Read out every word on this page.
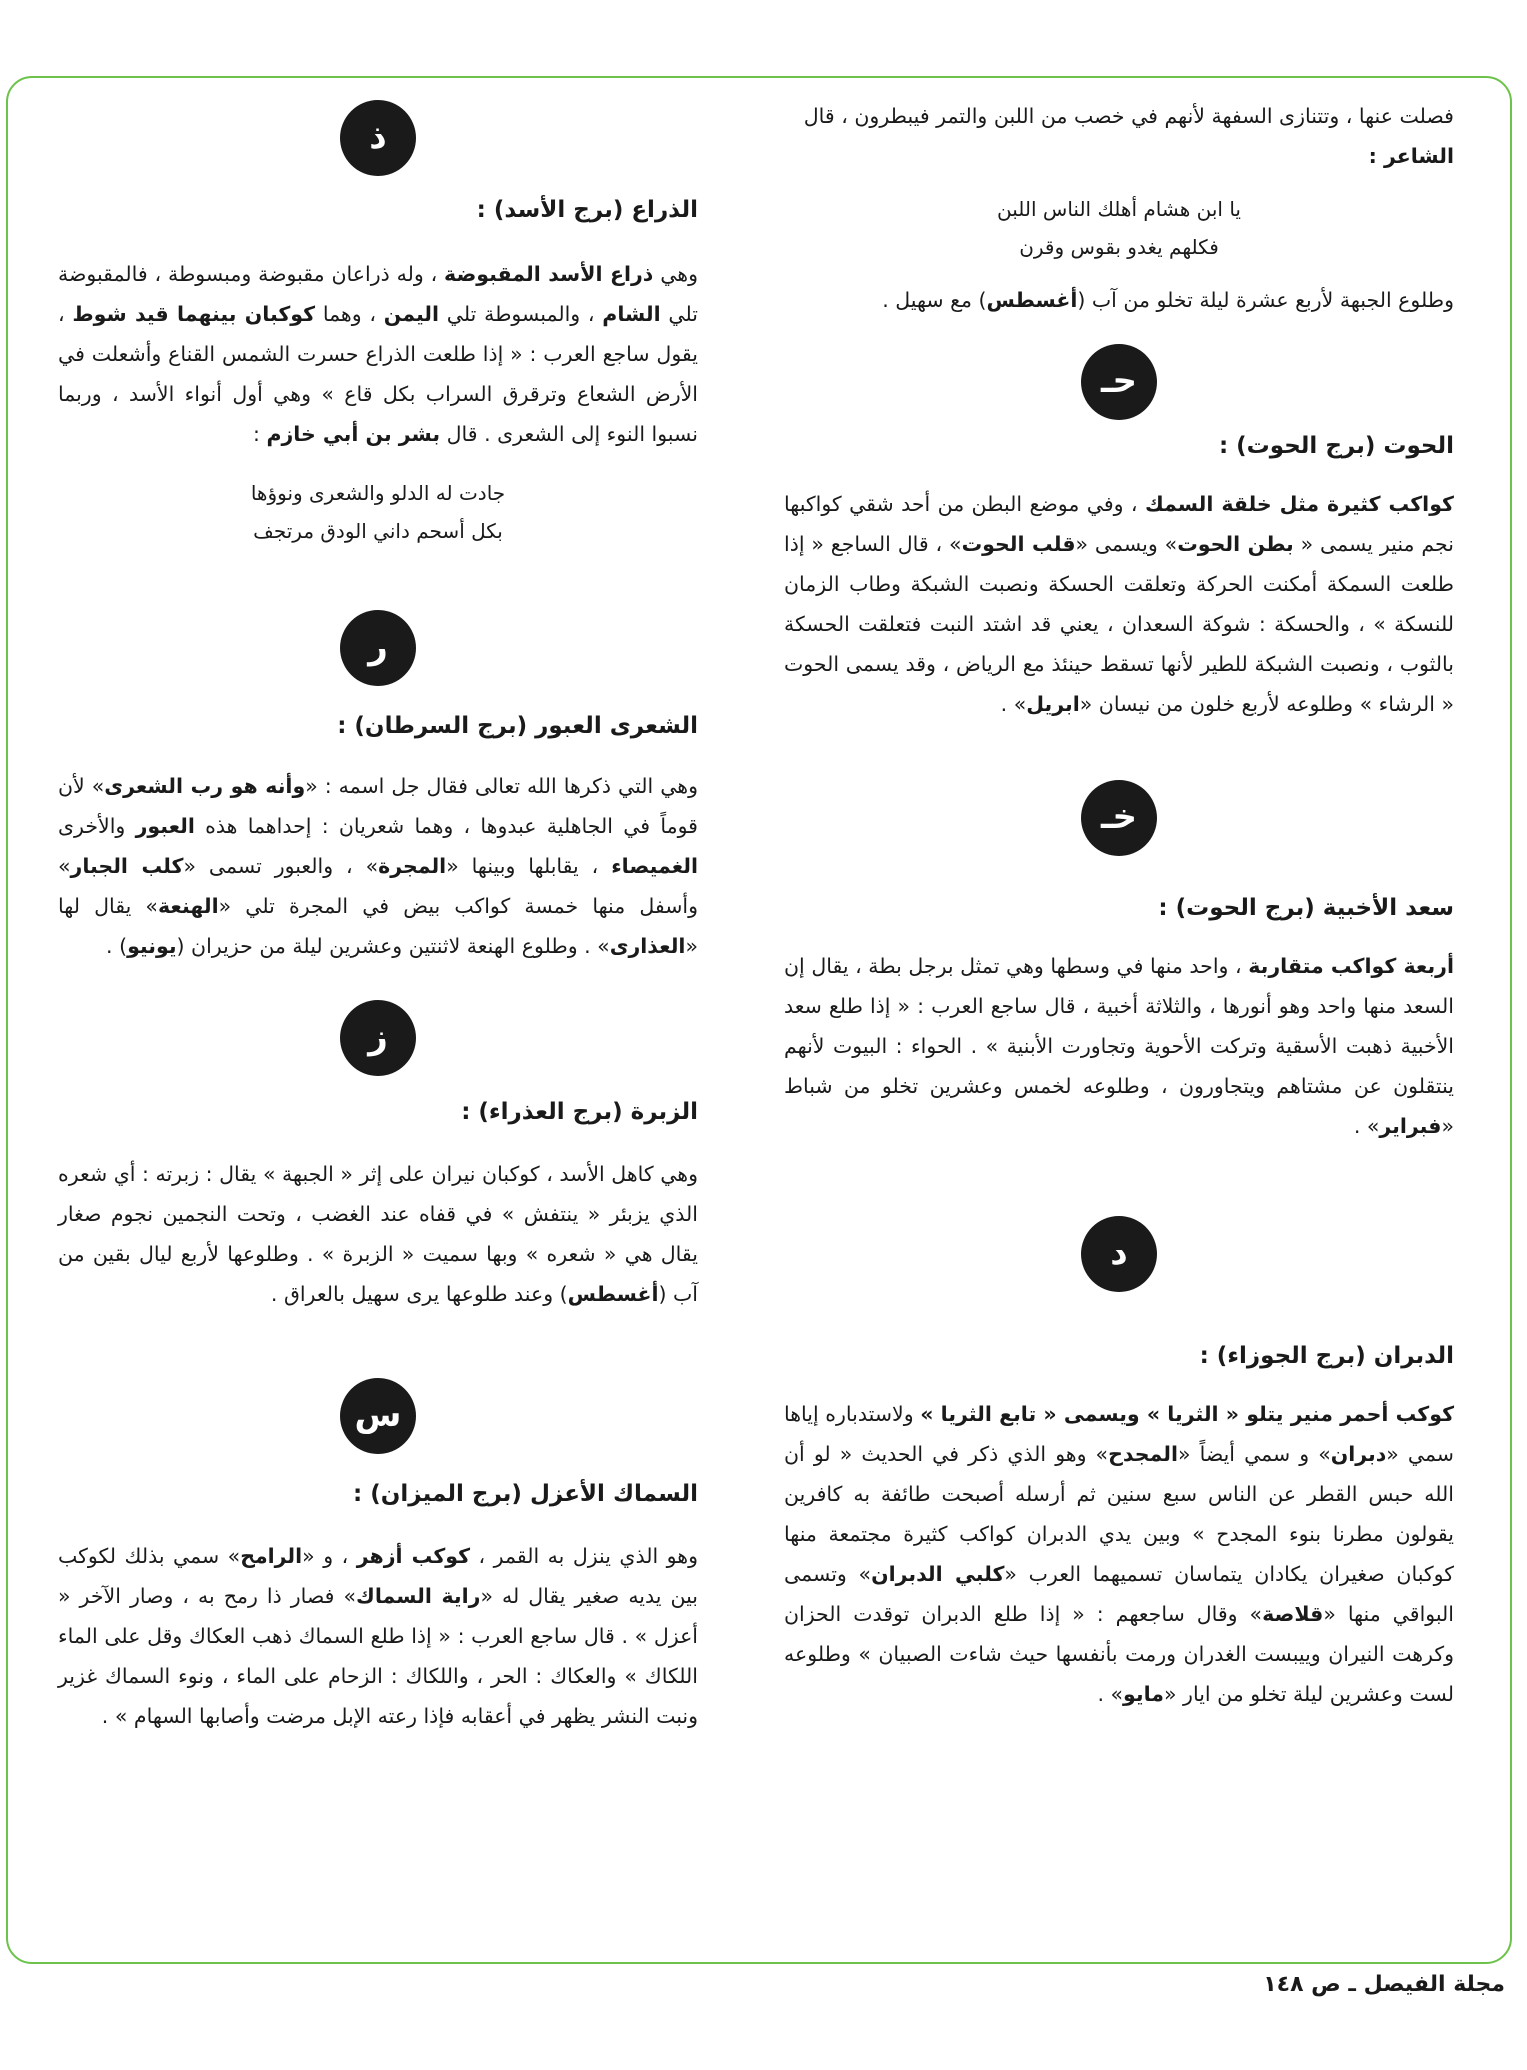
فصلت عنها ، وتتنازى السفهة لأنهم في خصب من اللبن والتمر فيبطرون ، قال
الشاعر :

يا ابن هشام أهلك الناس اللبن

فكلهم يغدو بقوس وقرن

وطلوع الجبهة لأربع عشرة ليلة تخلو من آب (أغسطس) مع سهيل .

حـ

الحوت (برج الحوت) :

كواكب كثيرة مثل خلقة السمك ، وفي موضع البطن من أحد شقي كواكبها نجم منير يسمى « بطن الحوت» ويسمى «قلب الحوت» ، قال الساجع « إذا طلعت السمكة أمكنت الحركة وتعلقت الحسكة ونصبت الشبكة وطاب الزمان للنسكة » ، والحسكة : شوكة السعدان ، يعني قد اشتد النبت فتعلقت الحسكة بالثوب ، ونصبت الشبكة للطير لأنها تسقط حينئذ مع الرياض ، وقد يسمى الحوت « الرشاء » وطلوعه لأربع خلون من نيسان «ابريل» .

خـ

سعد الأخبية (برج الحوت) :

أربعة كواكب متقاربة ، واحد منها في وسطها وهي تمثل برجل بطة ، يقال إن السعد منها واحد وهو أنورها ، والثلاثة أخبية ، قال ساجع العرب : « إذا طلع سعد الأخبية ذهبت الأسقية وتركت الأحوية وتجاورت الأبنية » . الحواء : البيوت لأنهم ينتقلون عن مشتاهم ويتجاورون ، وطلوعه لخمس وعشرين تخلو من شباط «فبراير» .

د

الدبران (برج الجوزاء) :

كوكب أحمر منير يتلو « الثريا » ويسمى « تابع الثريا » ولاستدباره إياها سمي «دبران» و سمي أيضاً «المجدح» وهو الذي ذكر في الحديث « لو أن الله حبس القطر عن الناس سبع سنين ثم أرسله أصبحت طائفة به كافرين يقولون مطرنا بنوء المجدح » وبين يدي الدبران كواكب كثيرة مجتمعة منها كوكبان صغيران يكادان يتماسان تسميهما العرب «كلبي الدبران» وتسمى البواقي منها «قلاصة» وقال ساجعهم : « إذا طلع الدبران توقدت الحزان وكرهت النيران وييبست الغدران ورمت بأنفسها حيث شاءت الصبيان » وطلوعه لست وعشرين ليلة تخلو من ايار «مايو» .

ذ

الذراع (برج الأسد) :

وهي ذراع الأسد المقبوضة ، وله ذراعان مقبوضة ومبسوطة ، فالمقبوضة تلي الشام ، والمبسوطة تلي اليمن ، وهما كوكبان بينهما قيد شوط ، يقول ساجع العرب : « إذا طلعت الذراع حسرت الشمس القناع وأشعلت في الأرض الشعاع وترقرق السراب بكل قاع » وهي أول أنواء الأسد ، وربما نسبوا النوء إلى الشعرى . قال بشر بن أبي خازم :

جادت له الدلو والشعرى ونوؤها

بكل أسحم داني الودق مرتجف

ر

الشعرى العبور (برج السرطان) :

وهي التي ذكرها الله تعالى فقال جل اسمه : «وأنه هو رب الشعرى» لأن قوماً في الجاهلية عبدوها ، وهما شعريان : إحداهما هذه العبور والأخرى الغميصاء ، يقابلها وبينها «المجرة» ، والعبور تسمى «كلب الجبار» وأسفل منها خمسة كواكب بيض في المجرة تلي «الهنعة» يقال لها «العذارى» . وطلوع الهنعة لاثنتين وعشرين ليلة من حزيران (يونيو) .

ز

الزبرة (برج العذراء) :

وهي كاهل الأسد ، كوكبان نيران على إثر « الجبهة » يقال : زبرته : أي شعره الذي يزبئر « ينتفش » في قفاه عند الغضب ، وتحت النجمين نجوم صغار يقال هي « شعره » وبها سميت « الزبرة » . وطلوعها لأربع ليال بقين من آب (أغسطس) وعند طلوعها يرى سهيل بالعراق .

س

السماك الأعزل (برج الميزان) :

وهو الذي ينزل به القمر ، كوكب أزهر ، و «الرامح» سمي بذلك لكوكب بين يديه صغير يقال له «راية السماك» فصار ذا رمح به ، وصار الآخر « أعزل » . قال ساجع العرب : « إذا طلع السماك ذهب العكاك وقل على الماء اللكاك » والعكاك : الحر ، واللكاك : الزحام على الماء ، ونوء السماك غزير ونبت النشر يظهر في أعقابه فإذا رعته الإبل مرضت وأصابها السهام » .

مجلة الفيصل ـ ص ١٤٨
